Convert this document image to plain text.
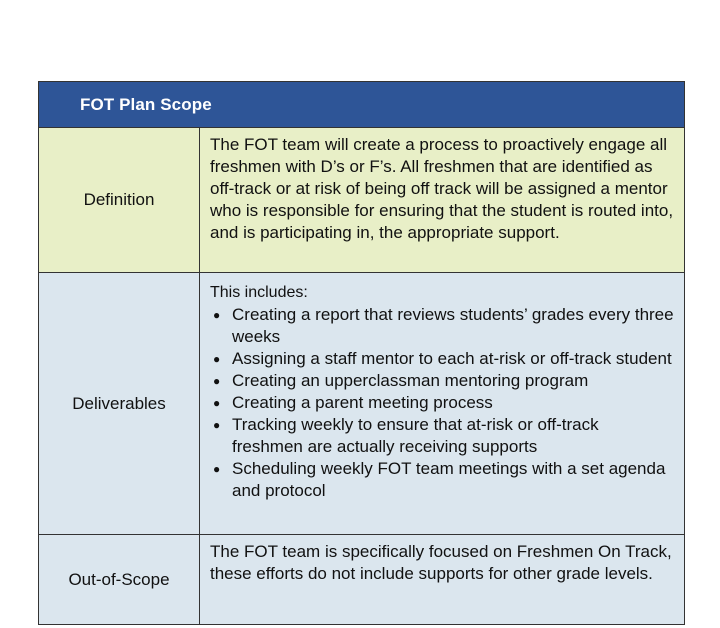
FOT Plan Scope
Definition
The FOT team will create a process to proactively engage all freshmen with D’s or F’s. All freshmen that are identified as off-track or at risk of being off track will be assigned a mentor who is responsible for ensuring that the student is routed into, and is participating in, the appropriate support.
Deliverables
This includes:
● Creating a report that reviews students’ grades every three weeks
● Assigning a staff mentor to each at-risk or off-track student
● Creating an upperclassman mentoring program
● Creating a parent meeting process
● Tracking weekly to ensure that at-risk or off-track freshmen are actually receiving supports
● Scheduling weekly FOT team meetings with a set agenda and protocol
Out-of-Scope
The FOT team is specifically focused on Freshmen On Track, these efforts do not include supports for other grade levels.
